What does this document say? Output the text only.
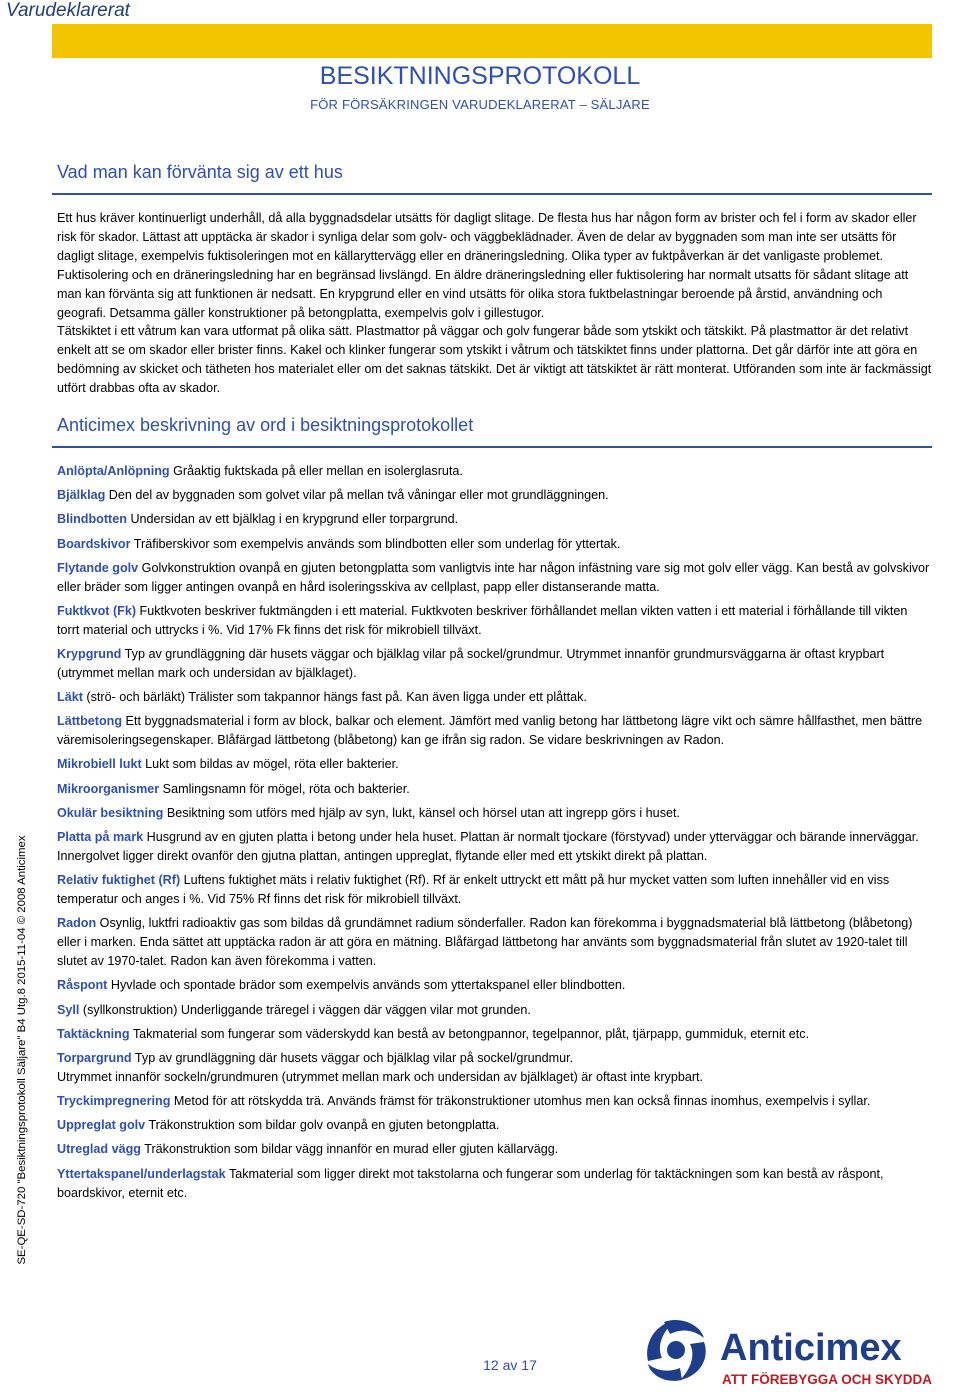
Varudeklarerat
BESIKTNINGSPROTOKOLL
FÖR FÖRSÄKRINGEN VARUDEKLARERAT – SÄLJARE
Vad man kan förvänta sig av ett hus

Ett hus kräver kontinuerligt underhåll, då alla byggnadsdelar utsätts för dagligt slitage. De flesta hus har någon form av brister och fel i form av skador eller risk för skador. Lättast att upptäcka är skador i synliga delar som golv- och väggbeklädnader. Även de delar av byggnaden som man inte ser utsätts för dagligt slitage, exempelvis fuktisoleringen mot en källaryttervägg eller en dräneringsledning. Olika typer av fuktpåverkan är det vanligaste problemet. Fuktisolering och en dräneringsledning har en begränsad livslängd. En äldre dräneringsledning eller fuktisolering har normalt utsatts för sådant slitage att man kan förvänta sig att funktionen är nedsatt. En krypgrund eller en vind utsätts för olika stora fuktbelastningar beroende på årstid, användning och geografi. Detsamma gäller konstruktioner på betongplatta, exempelvis golv i gillestugor.

Tätskiktet i ett våtrum kan vara utformat på olika sätt. Plastmattor på väggar och golv fungerar både som ytskikt och tätskikt. På plastmattor är det relativt enkelt att se om skador eller brister finns. Kakel och klinker fungerar som ytskikt i våtrum och tätskiktet finns under plattorna. Det går därför inte att göra en bedömning av skicket och tätheten hos materialet eller om det saknas tätskikt. Det är viktigt att tätskiktet är rätt monterat. Utföranden som inte är fackmässigt utfört drabbas ofta av skador.

Anticimex beskrivning av ord i besiktningsprotokollet

Anlöpta/Anlöpning Gråaktig fuktskada på eller mellan en isolerglasruta.

Bjälklag Den del av byggnaden som golvet vilar på mellan två våningar eller mot grundläggningen.

Blindbotten Undersidan av ett bjälklag i en krypgrund eller torpargrund.

Boardskivor Träfiberskivor som exempelvis används som blindbotten eller som underlag för yttertak.

Flytande golv Golvkonstruktion ovanpå en gjuten betongplatta som vanligtvis inte har någon infästning vare sig mot golv eller vägg. Kan bestå av golvskivor eller bräder som ligger antingen ovanpå en hård isoleringsskiva av cellplast, papp eller distanserande matta.

Fuktkvot (Fk) Fuktkvoten beskriver fuktmängden i ett material. Fuktkvoten beskriver förhållandet mellan vikten vatten i ett material i förhållande till vikten torrt material och uttrycks i %. Vid 17% Fk finns det risk för mikrobiell tillväxt.

Krypgrund Typ av grundläggning där husets väggar och bjälklag vilar på sockel/grundmur. Utrymmet innanför grundmursväggarna är oftast krypbart (utrymmet mellan mark och undersidan av bjälklaget).

Läkt (strö- och bärläkt) Trälister som takpannor hängs fast på. Kan även ligga under ett plåttak.

Lättbetong Ett byggnadsmaterial i form av block, balkar och element. Jämfört med vanlig betong har lättbetong lägre vikt och sämre hållfasthet, men bättre väremisoleringsegenskaper. Blåfärgad lättbetong (blåbetong) kan ge ifrån sig radon. Se vidare beskrivningen av Radon.

Mikrobiell lukt Lukt som bildas av mögel, röta eller bakterier.

Mikroorganismer Samlingsnamn för mögel, röta och bakterier.

Okulär besiktning Besiktning som utförs med hjälp av syn, lukt, känsel och hörsel utan att ingrepp görs i huset.

Platta på mark Husgrund av en gjuten platta i betong under hela huset. Plattan är normalt tjockare (förstyvad) under ytterväggar och bärande innerväggar. Innergolvet ligger direkt ovanför den gjutna plattan, antingen uppreglat, flytande eller med ett ytskikt direkt på plattan.

Relativ fuktighet (Rf) Luftens fuktighet mäts i relativ fuktighet (Rf). Rf är enkelt uttryckt ett mått på hur mycket vatten som luften innehåller vid en viss temperatur och anges i %. Vid 75% Rf finns det risk för mikrobiell tillväxt.

Radon Osynlig, luktfri radioaktiv gas som bildas då grundämnet radium sönderfaller. Radon kan förekomma i byggnadsmaterial blå lättbetong (blåbetong) eller i marken. Enda sättet att upptäcka radon är att göra en mätning. Blåfärgad lättbetong har använts som byggnadsmaterial från slutet av 1920-talet till slutet av 1970-talet. Radon kan även förekomma i vatten.

Råspont Hyvlade och spontade brädor som exempelvis används som yttertakspanel eller blindbotten.

Syll (syllkonstruktion) Underliggande träregel i väggen där väggen vilar mot grunden.

Taktäckning Takmaterial som fungerar som väderskydd kan bestå av betongpannor, tegelpannor, plåt, tjärpapp, gummiduk, eternit etc.

Torpargrund Typ av grundläggning där husets väggar och bjälklag vilar på sockel/grundmur.
Utrymmet innanför sockeln/grundmuren (utrymmet mellan mark och undersidan av bjälklaget) är oftast inte krypbart.

Tryckimpregnering Metod för att rötskydda trä. Används främst för träkonstruktioner utomhus men kan också finnas inomhus, exempelvis i syllar.

Uppreglat golv Träkonstruktion som bildar golv ovanpå en gjuten betongplatta.

Utreglad vägg Träkonstruktion som bildar vägg innanför en murad eller gjuten källarvägg.

Yttertakspanel/underlagstak Takmaterial som ligger direkt mot takstolarna och fungerar som underlag för taktäckningen som kan bestå av råspont, boardskivor, eternit etc.

SE-QE-SD-720 "Besiktningsprotokoll Säljare" B4 Utg.8 2015-11-04 © 2008 Anticimex
12 av 17	Anticimex
ATT FÖREBYGGA OCH SKYDDA
